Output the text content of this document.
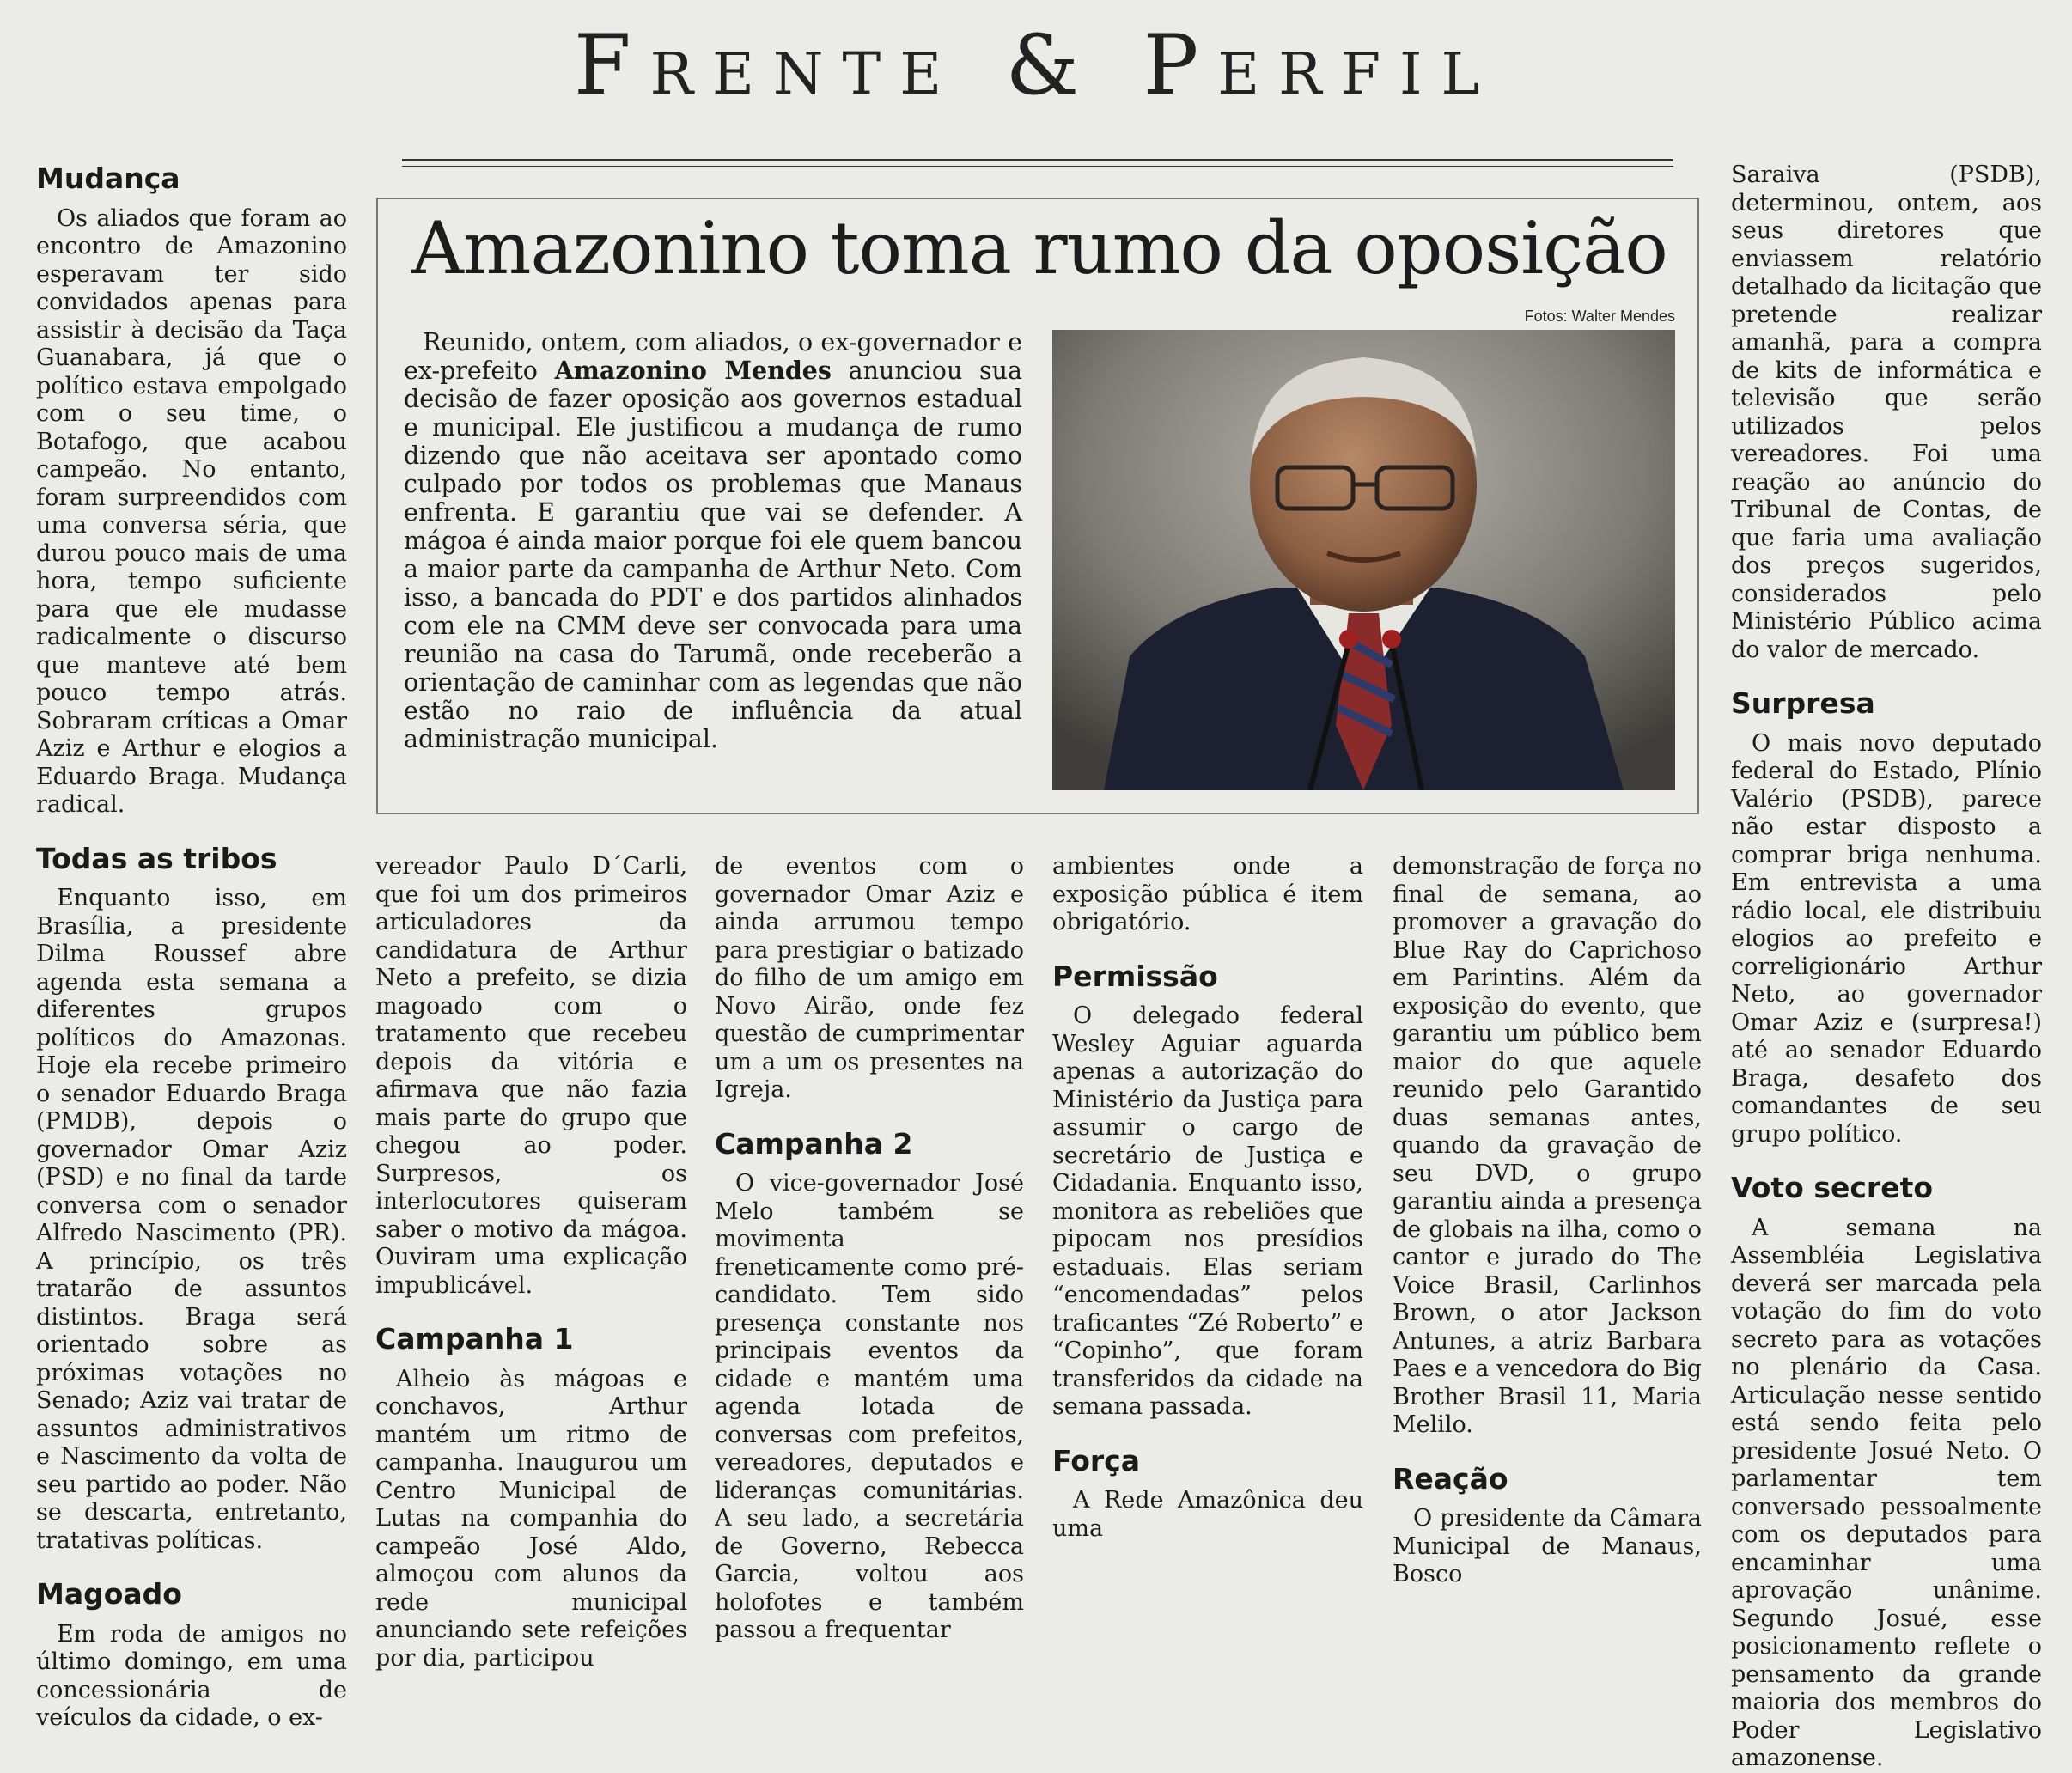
Frente & Perfil
Amazonino toma rumo da oposição
Fotos: Walter Mendes

Reunido, ontem, com aliados, o ex-governador e ex-prefeito Amazonino Mendes anunciou sua decisão de fazer oposição aos governos estadual e municipal. Ele justificou a mudança de rumo dizendo que não aceitava ser apontado como culpado por todos os problemas que Manaus enfrenta. E garantiu que vai se defender. A mágoa é ainda maior porque foi ele quem bancou a maior parte da campanha de Arthur Neto. Com isso, a bancada do PDT e dos partidos alinhados com ele na CMM deve ser convocada para uma reunião na casa do Tarumã, onde receberão a orientação de caminhar com as legendas que não estão no raio de influência da atual administração municipal.

Mudança

Os aliados que foram ao encontro de Amazonino esperavam ter sido convidados apenas para assistir à decisão da Taça Guanabara, já que o político estava empolgado com o seu time, o Botafogo, que acabou campeão. No entanto, foram surpreendidos com uma conversa séria, que durou pouco mais de uma hora, tempo suficiente para que ele mudasse radicalmente o discurso que manteve até bem pouco tempo atrás. Sobraram críticas a Omar Aziz e Arthur e elogios a Eduardo Braga. Mudança radical.

Todas as tribos

Enquanto isso, em Brasília, a presidente Dilma Roussef abre agenda esta semana a diferentes grupos políticos do Amazonas. Hoje ela recebe primeiro o senador Eduardo Braga (PMDB), depois o governador Omar Aziz (PSD) e no final da tarde conversa com o senador Alfredo Nascimento (PR). A princípio, os três tratarão de assuntos distintos. Braga será orientado sobre as próximas votações no Senado; Aziz vai tratar de assuntos administrativos e Nascimento da volta de seu partido ao poder. Não se descarta, entretanto, tratativas políticas.

Magoado

Em roda de amigos no último domingo, em uma concessionária de veículos da cidade, o ex-

vereador Paulo D´Carli, que foi um dos primeiros articuladores da candidatura de Arthur Neto a prefeito, se dizia magoado com o tratamento que recebeu depois da vitória e afirmava que não fazia mais parte do grupo que chegou ao poder. Surpresos, os interlocutores quiseram saber o motivo da mágoa. Ouviram uma explicação impublicável.

Campanha 1

Alheio às mágoas e conchavos, Arthur mantém um ritmo de campanha. Inaugurou um Centro Municipal de Lutas na companhia do campeão José Aldo, almoçou com alunos da rede municipal anunciando sete refeições por dia, participou

de eventos com o governador Omar Aziz e ainda arrumou tempo para prestigiar o batizado do filho de um amigo em Novo Airão, onde fez questão de cumprimentar um a um os presentes na Igreja.

Campanha 2

O vice-governador José Melo também se movimenta freneticamente como pré-candidato. Tem sido presença constante nos principais eventos da cidade e mantém uma agenda lotada de conversas com prefeitos, vereadores, deputados e lideranças comunitárias. A seu lado, a secretária de Governo, Rebecca Garcia, voltou aos holofotes e também passou a frequentar

ambientes onde a exposição pública é item obrigatório.

Permissão

O delegado federal Wesley Aguiar aguarda apenas a autorização do Ministério da Justiça para assumir o cargo de secretário de Justiça e Cidadania. Enquanto isso, monitora as rebeliões que pipocam nos presídios estaduais. Elas seriam “encomendadas” pelos traficantes “Zé Roberto” e “Copinho”, que foram transferidos da cidade na semana passada.

Força

A Rede Amazônica deu uma

demonstração de força no final de semana, ao promover a gravação do Blue Ray do Caprichoso em Parintins. Além da exposição do evento, que garantiu um público bem maior do que aquele reunido pelo Garantido duas semanas antes, quando da gravação de seu DVD, o grupo garantiu ainda a presença de globais na ilha, como o cantor e jurado do The Voice Brasil, Carlinhos Brown, o ator Jackson Antunes, a atriz Barbara Paes e a vencedora do Big Brother Brasil 11, Maria Melilo.

Reação

O presidente da Câmara Municipal de Manaus, Bosco

Saraiva (PSDB), determinou, ontem, aos seus diretores que enviassem relatório detalhado da licitação que pretende realizar amanhã, para a compra de kits de informática e televisão que serão utilizados pelos vereadores. Foi uma reação ao anúncio do Tribunal de Contas, de que faria uma avaliação dos preços sugeridos, considerados pelo Ministério Público acima do valor de mercado.

Surpresa

O mais novo deputado federal do Estado, Plínio Valério (PSDB), parece não estar disposto a comprar briga nenhuma. Em entrevista a uma rádio local, ele distribuiu elogios ao prefeito e correligionário Arthur Neto, ao governador Omar Aziz e (surpresa!) até ao senador Eduardo Braga, desafeto dos comandantes de seu grupo político.

Voto secreto

A semana na Assembléia Legislativa deverá ser marcada pela votação do fim do voto secreto para as votações no plenário da Casa. Articulação nesse sentido está sendo feita pelo presidente Josué Neto. O parlamentar tem conversado pessoalmente com os deputados para encaminhar uma aprovação unânime. Segundo Josué, esse posicionamento reflete o pensamento da grande maioria dos membros do Poder Legislativo amazonense.
